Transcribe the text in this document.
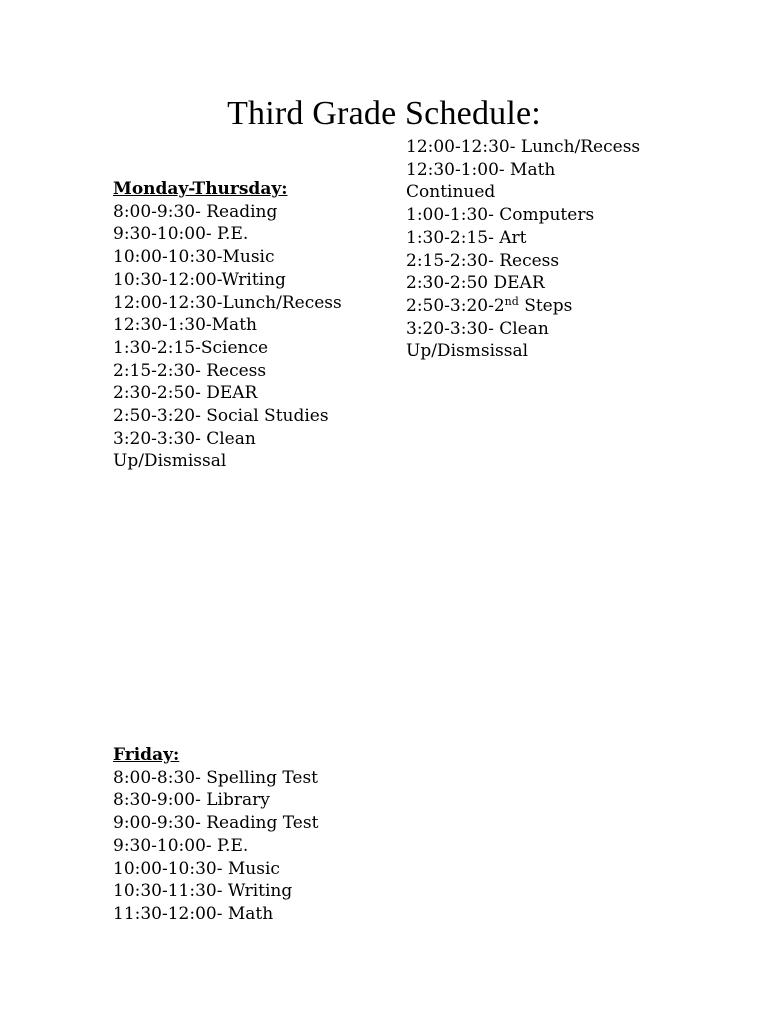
Third Grade Schedule:
Monday-Thursday:
8:00-9:30- Reading
9:30-10:00- P.E.
10:00-10:30-Music
10:30-12:00-Writing
12:00-12:30-Lunch/Recess
12:30-1:30-Math
1:30-2:15-Science
2:15-2:30- Recess
2:30-2:50- DEAR
2:50-3:20- Social Studies
3:20-3:30- Clean
Up/Dismissal
12:00-12:30- Lunch/Recess
12:30-1:00- Math
Continued
1:00-1:30- Computers
1:30-2:15- Art
2:15-2:30- Recess
2:30-2:50 DEAR
2:50-3:20-2nd Steps
3:20-3:30- Clean
Up/Dismsissal
Friday:
8:00-8:30- Spelling Test
8:30-9:00- Library
9:00-9:30- Reading Test
9:30-10:00- P.E.
10:00-10:30- Music
10:30-11:30- Writing
11:30-12:00- Math
